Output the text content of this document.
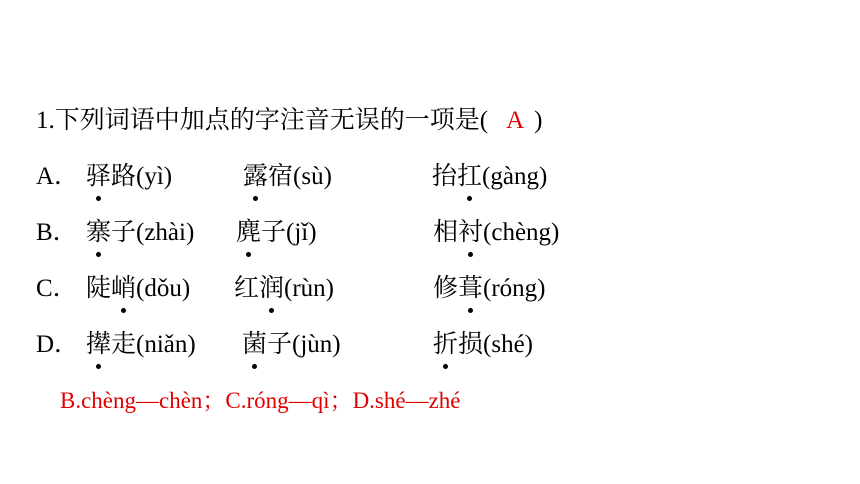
1.下列词语中加点的字注音无误的一项是( A )
A． 驿路(yì)	露宿(sù)	抬扛(gàng)
B． 寨子(zhài) 麂子(jǐ)	相衬(chèng)
C． 陡峭(dǒu) 红润(rùn)	修葺(róng)
D． 撵走(niǎn) 菌子(jùn)	折损(shé)
B.chèng—chèn；C.róng—qì；D.shé—zhé
